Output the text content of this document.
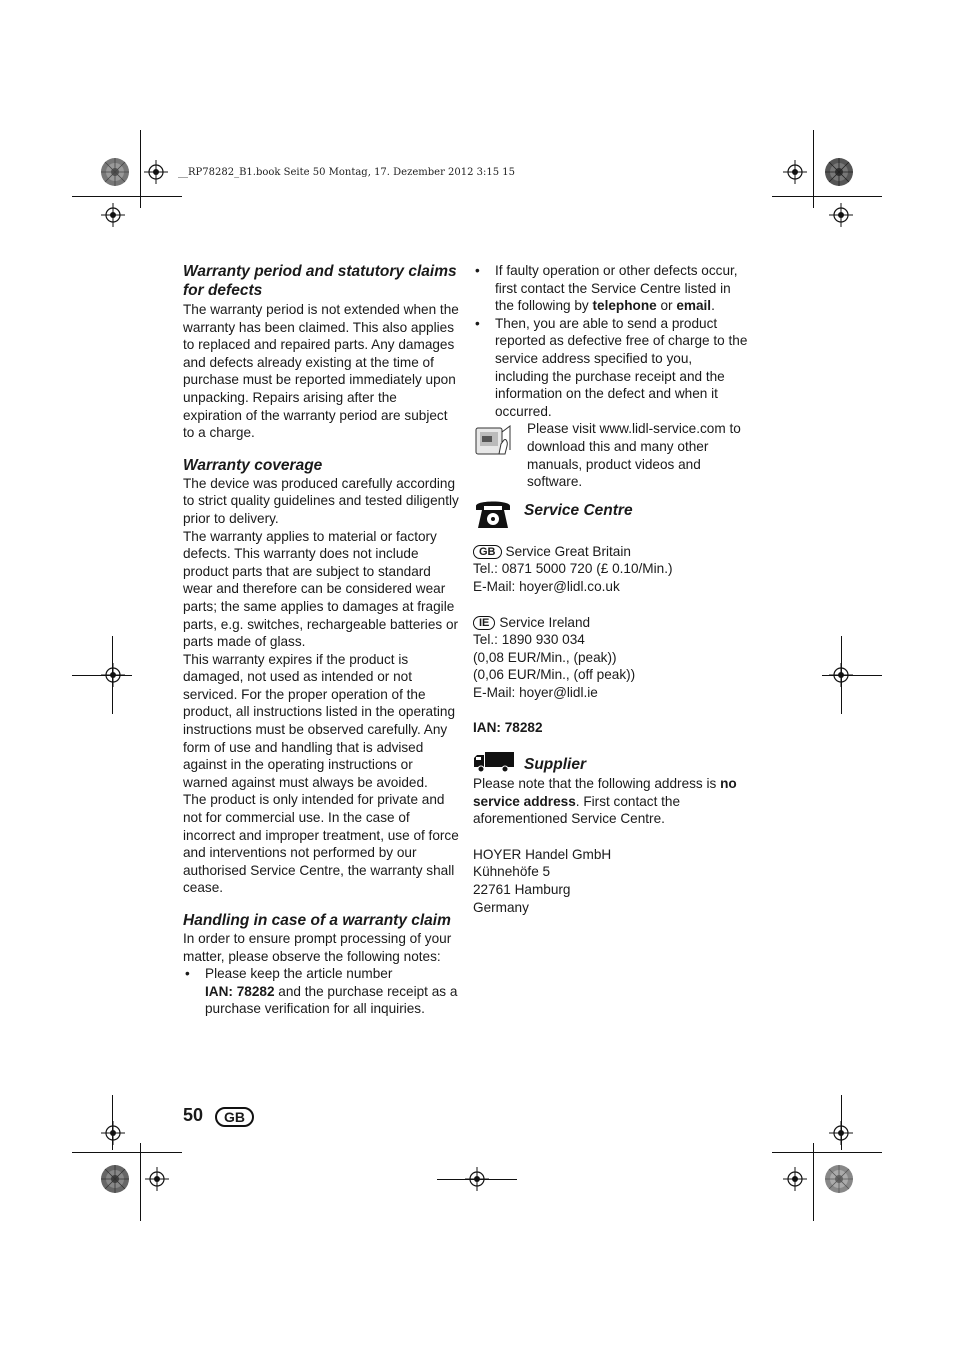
__RP78282_B1.book Seite 50 Montag, 17. Dezember 2012 3:15 15
Warranty period and statutory claims for defects

The warranty period is not extended when the warranty has been claimed. This also applies to replaced and repaired parts. Any damages and defects already existing at the time of purchase must be reported immediately upon unpacking. Repairs arising after the expiration of the warranty period are subject to a charge.

Warranty coverage

The device was produced carefully according to strict quality guidelines and tested diligently prior to delivery.

The warranty applies to material or factory defects. This warranty does not include product parts that are subject to standard wear and therefore can be considered wear parts; the same applies to damages at fragile parts, e.g. switches, rechargeable batteries or parts made of glass.

This warranty expires if the product is damaged, not used as intended or not serviced. For the proper operation of the product, all instructions listed in the operating instructions must be observed carefully. Any form of use and handling that is advised against in the operating instructions or warned against must always be avoided.

The product is only intended for private and not for commercial use. In the case of incorrect and improper treatment, use of force and interventions not performed by our authorised Service Centre, the warranty shall cease.

Handling in case of a warranty claim

In order to ensure prompt processing of your matter, please observe the following notes:

• Please keep the article number
IAN: 78282 and the purchase receipt as a purchase verification for all inquiries.
• If faulty operation or other defects occur, first contact the Service Centre listed in the following by telephone or email.
• Then, you are able to send a product reported as defective free of charge to the service address specified to you, including the purchase receipt and the information on the defect and when it occurred.
Please visit www.lidl-service.com to download this and many other manuals, product videos and software.
Service Centre

GB Service Great Britain

Tel.: 0871 5000 720 (£ 0.10/Min.)

E-Mail: hoyer@lidl.co.uk

IE Service Ireland

Tel.: 1890 930 034

(0,08 EUR/Min., (peak))

(0,06 EUR/Min., (off peak))

E-Mail: hoyer@lidl.ie

IAN: 78282

Supplier

Please note that the following address is no service address. First contact the aforementioned Service Centre.

HOYER Handel GmbH

Kühnehöfe 5

22761 Hamburg

Germany

50	GB
